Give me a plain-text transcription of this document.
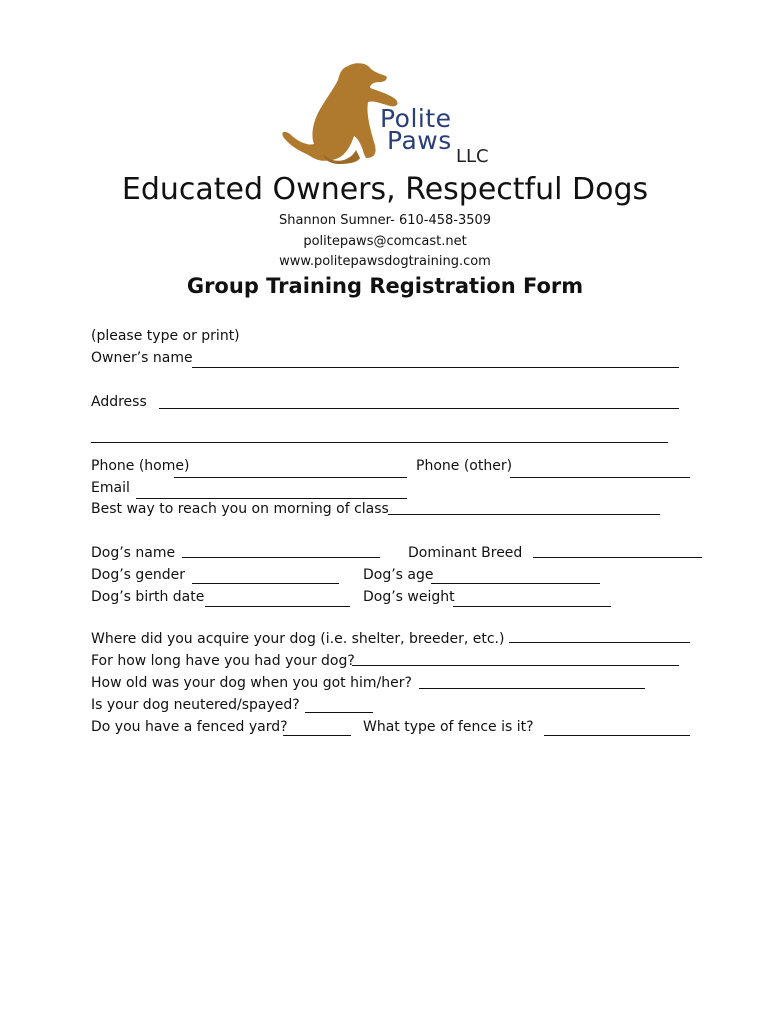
Polite
Paws
LLC
Educated Owners, Respectful Dogs
Shannon Sumner- 610-458-3509
politepaws@comcast.net
www.politepawsdogtraining.com
Group Training Registration Form
(please type or print)
Owner’s name
Address
Phone (home)	Phone (other)
Email
Best way to reach you on morning of class
Dog’s name	Dominant Breed
Dog’s gender	Dog’s age
Dog’s birth date	Dog’s weight
Where did you acquire your dog (i.e. shelter, breeder, etc.)
For how long have you had your dog?
How old was your dog when you got him/her?
Is your dog neutered/spayed?
Do you have a fenced yard?	What type of fence is it?
